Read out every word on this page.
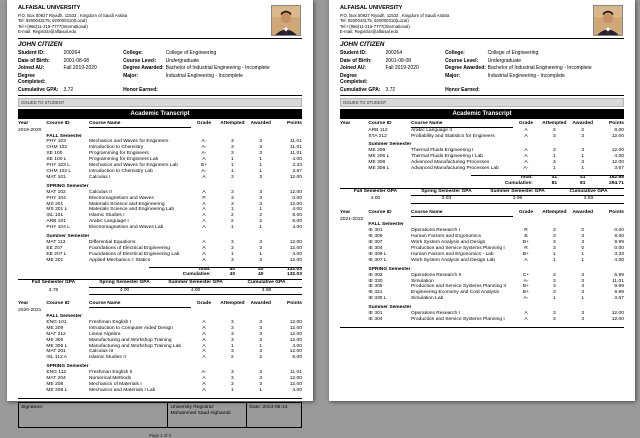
ALFAISAL UNIVERSITY
P.O. Box 50927 Riyadh, 11533 , Kingdom of Saudi Arabia
Tel: 9200043175, 920000310(Local)
Tel:+(966)11-215-7777(International)
E-mail: Registrar@alfaisal.edu
JOHN CITIZEN
Student ID:	200264	College:	College of Engineering
Date of Birth:	2001-08-08	Course Level:	Undergraduate
Joined AU:	Fall 2019-2020	Degree Awarded: Bachelor of Industrial Engineering - Incomplete
Degree Completed:
Major:	Industrial Engineering - Incomplete
Cumulative GPA: 3.72	Honor Earned:
ISSUED TO STUDENT
Academic Transcript
Year	Course ID	Course Name	Grade	Attempted	Awarded	Points
2019-2020
FALL Semester
PHY 103	Mechanics and Waves for Engineers	A-	3	3	11.01
CHM 102	Introduction to Chemistry	A-	3	3	11.01
SE 100	Programming for Engineers	A-	3	3	11.01
SE 100 L	Programming for Engineers Lab	A	1	1	4.00
PHY 103 L	Mechanics and Waves for Engineers Lab	B+	1	1	3.33
CHM 102 L	Introduction to Chemistry Lab	A-	1	1	3.67
MAT 101	Calculus I	A	3	3	12.00
SPRING Semester
MAT 102	Calculus II	A	3	3	12.00
PHY 104	Electromagnetism and Waves	P	3	3	0.00
MS 201	Materials Science and Engineering	A	3	3	12.00
MS 201 L	Materials Science and Engineering Lab	A	1	1	4.00
ISL 101	Islamic Studies I	A	2	2	8.00
ARB 101	Arabic Language I	A	2	2	8.00
PHY 104 L	Electromagnetism and Waves Lab	A	1	1	4.00
Summer Semester
MAT 113	Differential Equations	A	3	3	12.00
EE 207	Foundations of Electrical Engineering	A	3	3	12.00
EE 207 L	Foundations of Electrical Engineering Lab	A	1	1	4.00
ME 201	Applied Mechanics I: Statics	A	3	3	12.00
Total:	40	40	132.03
Cumulative:	40	40	132.03
Fall Semester GPA	Spring Semester GPA	Summer Semester GPA	Cumulative GPA
3.76	4.00	4.00	3.88
Year	Course ID	Course Name	Grade	Attempted	Awarded	Points
2020-2021
FALL Semester
ENG 101	Freshman English I	A	3	3	12.00
ME 209	Introduction to Computer Aided Design	A	3	3	12.00
MAT 212	Linear Algebra	A	3	3	12.00
ME 306	Manufacturing and Workshop Training	A	3	3	12.00
ME 306 L	Manufacturing and Workshop Training Lab	A	1	1	4.00
MAT 201	Calculus III	A	3	3	12.00
ISL 112 A	Islamic Studies II	A	2	2	8.00
SPRING Semester
ENG 112	Freshman English II	A-	3	3	11.01
MAT 204	Numerical Methods	A	3	3	12.00
ME 208	Mechanics of Materials I	A	3	3	12.00
ME 208 L	Mechanics and Materials I Lab	A	1	1	4.00
Signature:	University Registrar:
Mohammed Saad Alghamdi
Date: 2023-06-14
Page 1 of 2
ALFAISAL UNIVERSITY
P.O. Box 50927 Riyadh, 11533 , Kingdom of Saudi Arabia
Tel: 9200043175, 920000310(Local)
Tel:+(966)11-215-7777(International)
E-mail: Registrar@alfaisal.edu
JOHN CITIZEN
Student ID:	200264	College:	College of Engineering
Date of Birth:	2001-08-08	Course Level:	Undergraduate
Joined AU:	Fall 2019-2020	Degree Awarded: Bachelor of Industrial Engineering - Incomplete
Degree Completed:
Major:	Industrial Engineering - Incomplete
Cumulative GPA: 3.72	Honor Earned:
ISSUED TO STUDENT
Academic Transcript
Year	Course ID	Course Name	Grade	Attempted	Awarded	Points
ARB 112	Arabic Language II	A	2	2	8.00
STA 212	Probability and Statistics for Engineers	A	3	3	12.00
Summer Semester
ME 206	Thermal Fluids Engineering I	A	3	3	12.00
ME 206 L	Thermal Fluids Engineering I Lab	A	1	1	4.00
ME 308	Advanced Manufacturing Processes	A	3	3	12.00
ME 308 L	Advanced Manufacturing Processes Lab	A-	1	1	3.67
Total:	41	41	162.68
Cumulative:	81	81	294.71
Fall Semester GPA	Spring Semester GPA	Summer Semester GPA	Cumulative GPA
4.00	3.93	3.96	3.93
Year	Course ID	Course Name	Grade	Attempted	Awarded	Points
2021-2022
FALL Semester
IE 301	Operations Research I	R	3	0	0.00
IE 309	Human Factors and Ergonomics	B	3	3	9.00
IE 307	Work System Analysis and Design	B+	3	3	9.99
IE 304	Production and Service Systems Planning I	R	3	0	0.00
IE 309 L	Human Factors and Ergonomics - Lab	B+	1	1	3.33
IE 307 L	Work System Analysis and Design Lab	A	1	1	4.00
SPRING Semester
IE 302	Operations Research II	C+	3	3	6.99
IE 330	Simulation	A-	3	3	11.01
IE 305	Production and Service Systems Planning II	B+	3	3	9.99
IE 321	Engineering Economy and Cost Analysis	B+	3	3	9.99
IE 330 L	Simulation Lab	A-	1	1	3.67
Summer Semester
IE 301	Operations Research I	A	3	3	12.00
IE 304	Production and Service Systems Planning I	A	3	3	12.00
